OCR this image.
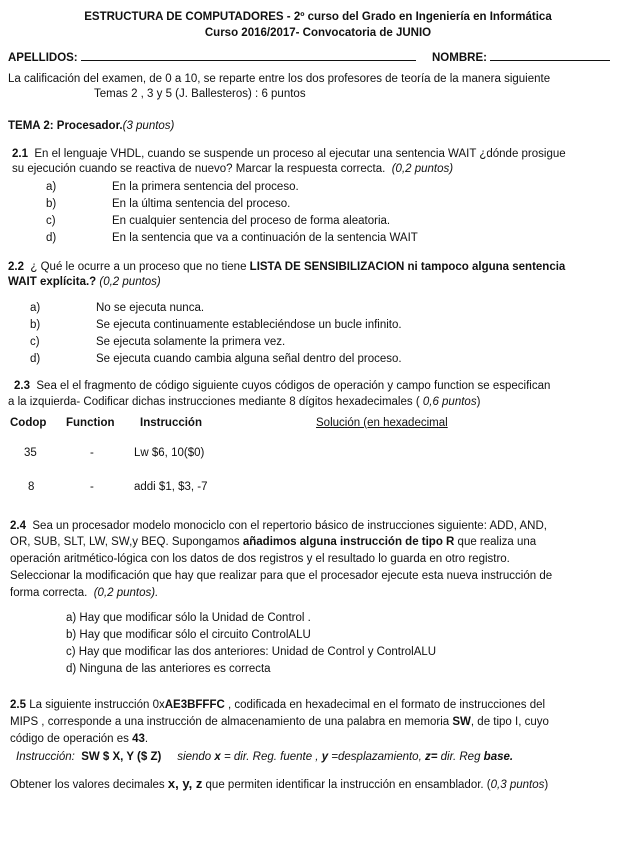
ESTRUCTURA DE COMPUTADORES - 2º curso del Grado en Ingeniería en Informática
Curso 2016/2017- Convocatoria de JUNIO
APELLIDOS:	NOMBRE:
La calificación del examen, de 0 a 10, se reparte entre los dos profesores de teoría de la manera siguiente
Temas 2 , 3 y 5 (J. Ballesteros) : 6 puntos
TEMA 2: Procesador.(3 puntos)
2.1 En el lenguaje VHDL, cuando se suspende un proceso al ejecutar una sentencia WAIT ¿dónde prosigue
su ejecución cuando se reactiva de nuevo? Marcar la respuesta correcta. (0,2 puntos)
a)	En la primera sentencia del proceso.
b)	En la última sentencia del proceso.
c)	En cualquier sentencia del proceso de forma aleatoria.
d)	En la sentencia que va a continuación de la sentencia WAIT
2.2 ¿ Qué le ocurre a un proceso que no tiene LISTA DE SENSIBILIZACION ni tampoco alguna sentencia
WAIT explícita.? (0,2 puntos)
a)	No se ejecuta nunca.
b)	Se ejecuta continuamente estableciéndose un bucle infinito.
c)	Se ejecuta solamente la primera vez.
d)	Se ejecuta cuando cambia alguna señal dentro del proceso.
2.3 Sea el el fragmento de código siguiente cuyos códigos de operación y campo function se especifican
a la izquierda- Codificar dichas instrucciones mediante 8 dígitos hexadecimales ( 0,6 puntos)
Codop Function Instrucción	Solución (en hexadecimal
35	-	Lw $6, 10($0)
8	-	addi $1, $3, -7
2.4 Sea un procesador modelo monociclo con el repertorio básico de instrucciones siguiente: ADD, AND,
OR, SUB, SLT, LW, SW,y BEQ. Supongamos añadimos alguna instrucción de tipo R que realiza una
operación aritmético-lógica con los datos de dos registros y el resultado lo guarda en otro registro.
Seleccionar la modificación que hay que realizar para que el procesador ejecute esta nueva instrucción de
forma correcta. (0,2 puntos).
a) Hay que modificar sólo la Unidad de Control .
b) Hay que modificar sólo el circuito ControlALU
c) Hay que modificar las dos anteriores: Unidad de Control y ControlALU
d) Ninguna de las anteriores es correcta
2.5 La siguiente instrucción 0xAE3BFFFC , codificada en hexadecimal en el formato de instrucciones del
MIPS , corresponde a una instrucción de almacenamiento de una palabra en memoria SW, de tipo I, cuyo
código de operación es 43.
Instrucción: SW $ X, Y ($ Z) siendo x = dir. Reg. fuente , y =desplazamiento, z= dir. Reg base.
Obtener los valores decimales x, y, z que permiten identificar la instrucción en ensamblador. (0,3 puntos)
